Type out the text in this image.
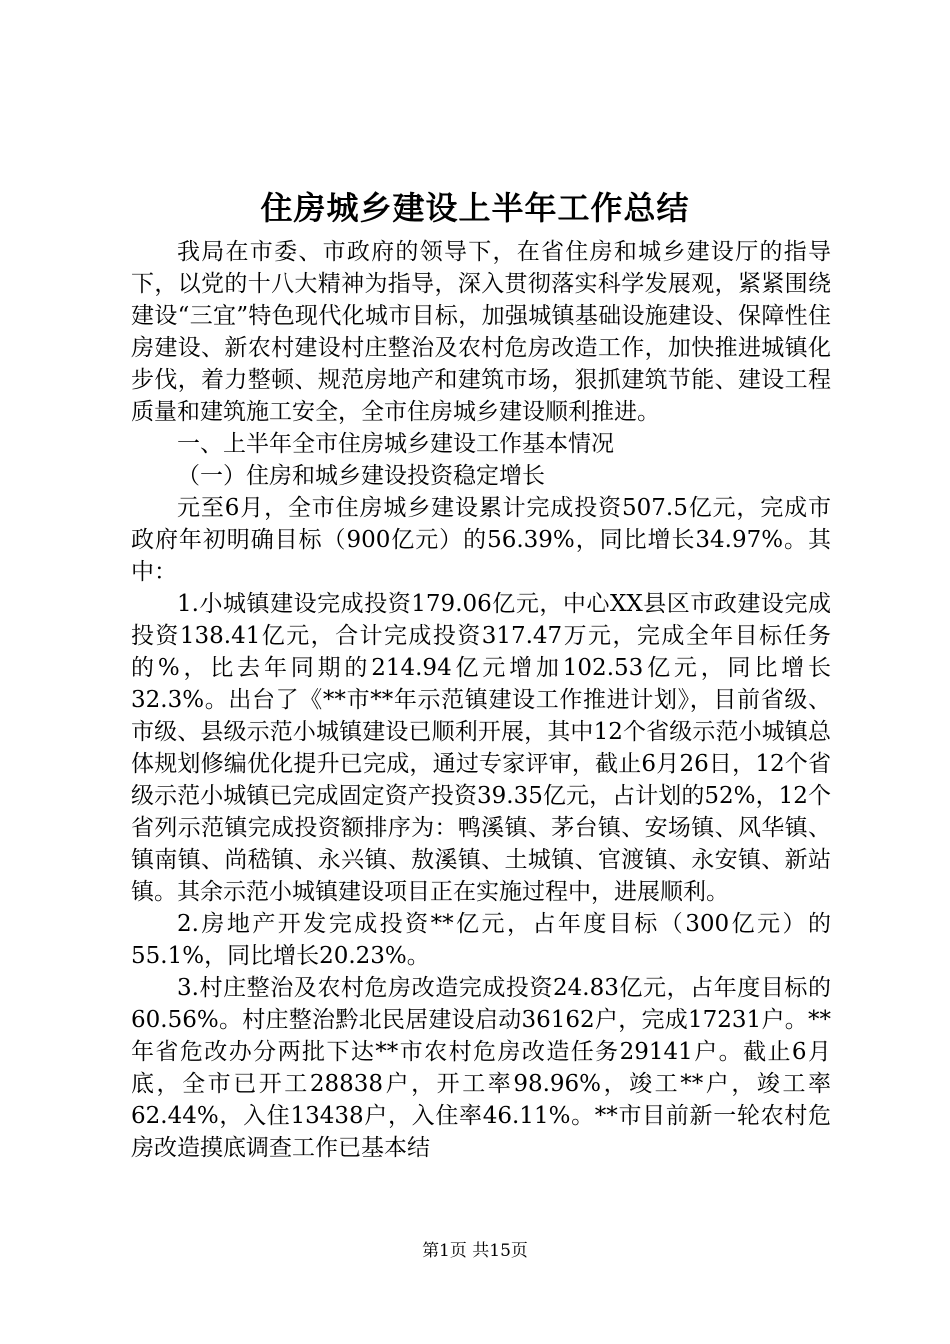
住房城乡建设上半年工作总结

我局在市委、市政府的领导下，在省住房和城乡建设厅的指导下，以党的十八大精神为指导，深入贯彻落实科学发展观，紧紧围绕建设“三宜”特色现代化城市目标，加强城镇基础设施建设、保障性住房建设、新农村建设村庄整治及农村危房改造工作，加快推进城镇化步伐，着力整顿、规范房地产和建筑市场，狠抓建筑节能、建设工程质量和建筑施工安全，全市住房城乡建设顺利推进。

一、上半年全市住房城乡建设工作基本情况

（一）住房和城乡建设投资稳定增长

元至6月，全市住房城乡建设累计完成投资507.5亿元，完成市政府年初明确目标（900亿元）的56.39%，同比增长34.97%。其中：

1.小城镇建设完成投资179.06亿元，中心XX县区市政建设完成投资138.41亿元，合计完成投资317.47万元，完成全年目标任务的%，比去年同期的214.94亿元增加102.53亿元，同比增长32.3%。出台了《**市**年示范镇建设工作推进计划》，目前省级、市级、县级示范小城镇建设已顺利开展，其中12个省级示范小城镇总体规划修编优化提升已完成，通过专家评审，截止6月26日，12个省级示范小城镇已完成固定资产投资39.35亿元，占计划的52%，12个省列示范镇完成投资额排序为：鸭溪镇、茅台镇、安场镇、风华镇、镇南镇、尚嵇镇、永兴镇、敖溪镇、土城镇、官渡镇、永安镇、新站镇。其余示范小城镇建设项目正在实施过程中，进展顺利。

2.房地产开发完成投资**亿元，占年度目标（300亿元）的55.1%，同比增长20.23%。

3.村庄整治及农村危房改造完成投资24.83亿元，占年度目标的60.56%。村庄整治黔北民居建设启动36162户，完成17231户。**年省危改办分两批下达**市农村危房改造任务29141户。截止6月底，全市已开工28838户，开工率98.96%，竣工**户，竣工率62.44%，入住13438户，入住率46.11%。**市目前新一轮农村危房改造摸底调查工作已基本结

第1页 共15页
